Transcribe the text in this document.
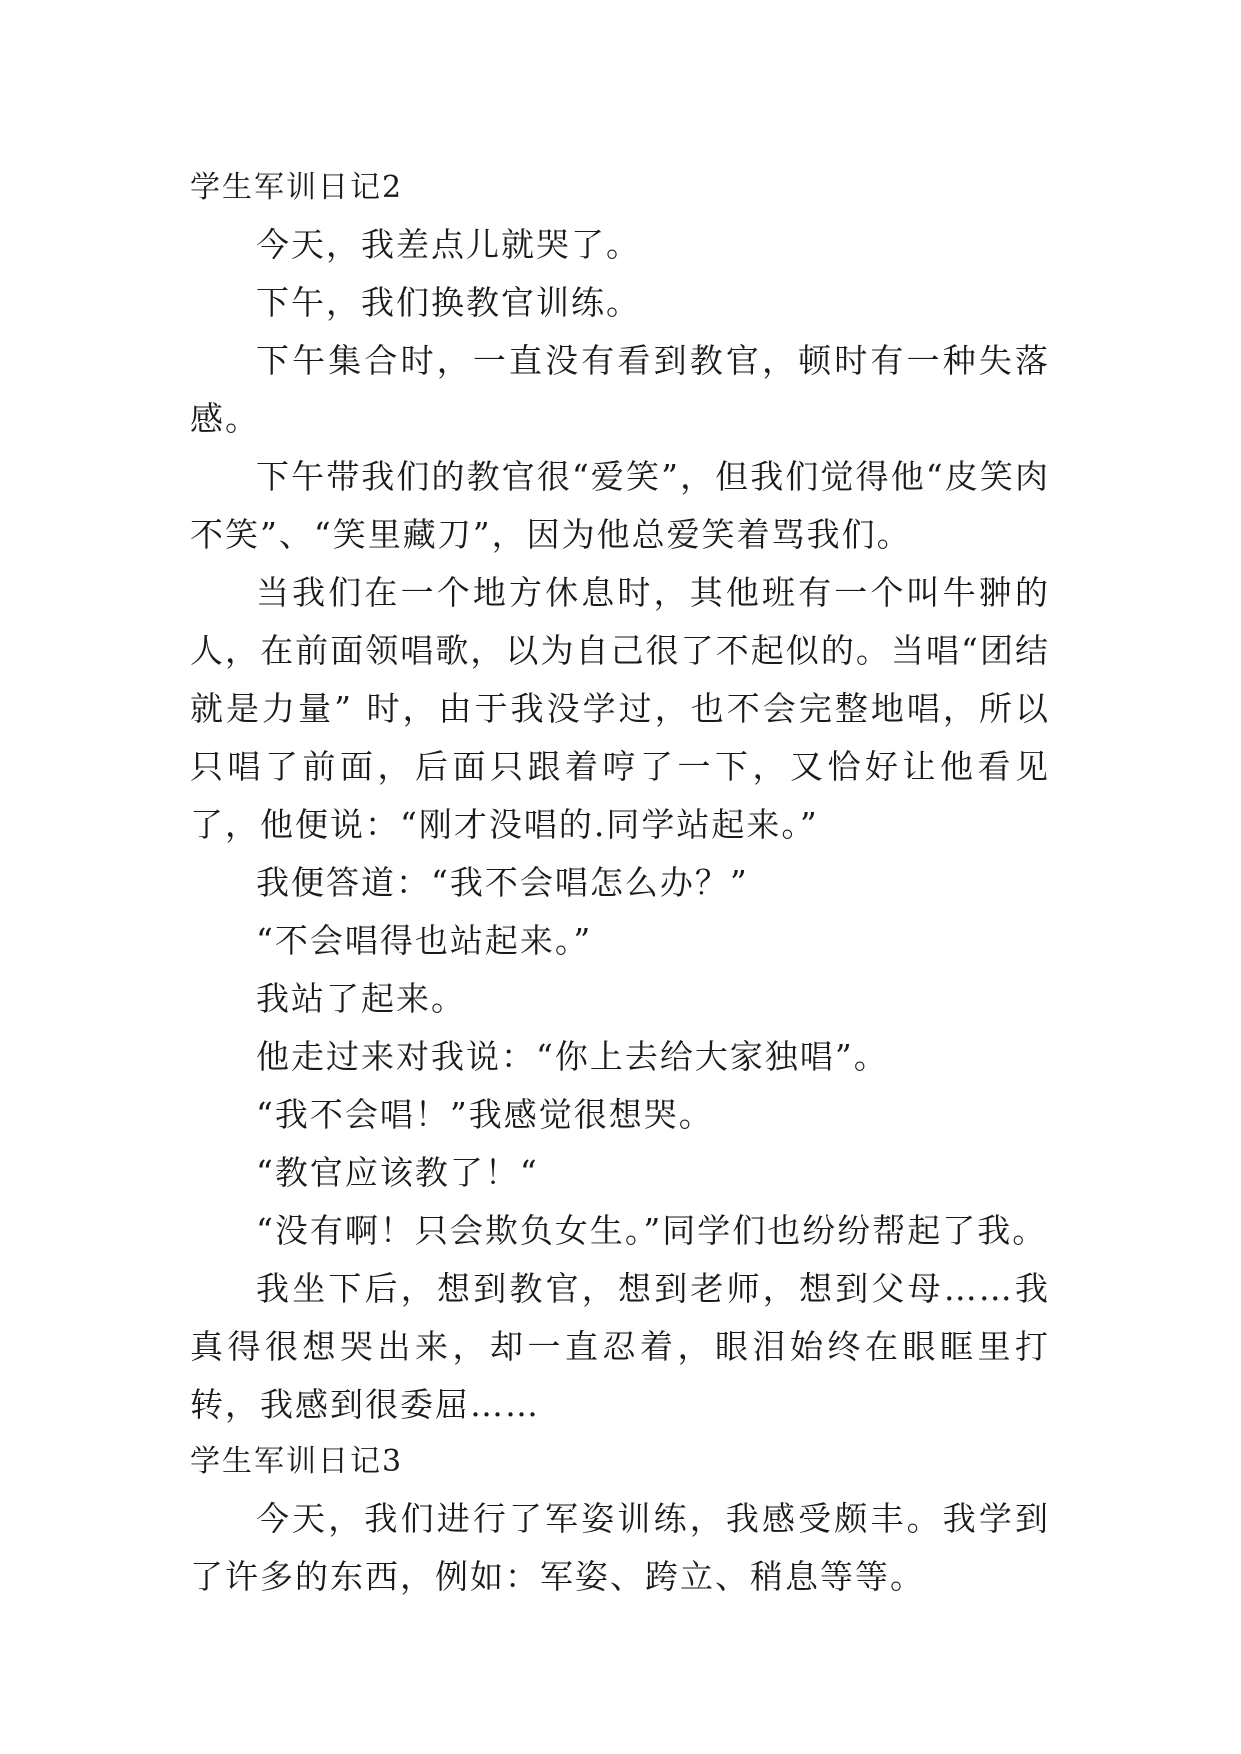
学生军训日记2

今天，我差点儿就哭了。

下午，我们换教官训练。

下午集合时，一直没有看到教官，顿时有一种失落感。

下午带我们的教官很“爱笑”，但我们觉得他“皮笑肉不笑”、“笑里藏刀”，因为他总爱笑着骂我们。

当我们在一个地方休息时，其他班有一个叫牛翀的人，在前面领唱歌，以为自己很了不起似的。当唱“团结就是力量” 时，由于我没学过，也不会完整地唱，所以只唱了前面，后面只跟着哼了一下，又恰好让他看见了，他便说：“刚才没唱的.同学站起来。”

我便答道：“我不会唱怎么办？”

“不会唱得也站起来。”

我站了起来。

他走过来对我说：“你上去给大家独唱”。

“我不会唱！”我感觉很想哭。

“教官应该教了！“

“没有啊！只会欺负女生。”同学们也纷纷帮起了我。

我坐下后，想到教官，想到老师，想到父母……我真得很想哭出来，却一直忍着，眼泪始终在眼眶里打转，我感到很委屈……

学生军训日记3

今天，我们进行了军姿训练，我感受颇丰。我学到了许多的东西，例如：军姿、跨立、稍息等等。
